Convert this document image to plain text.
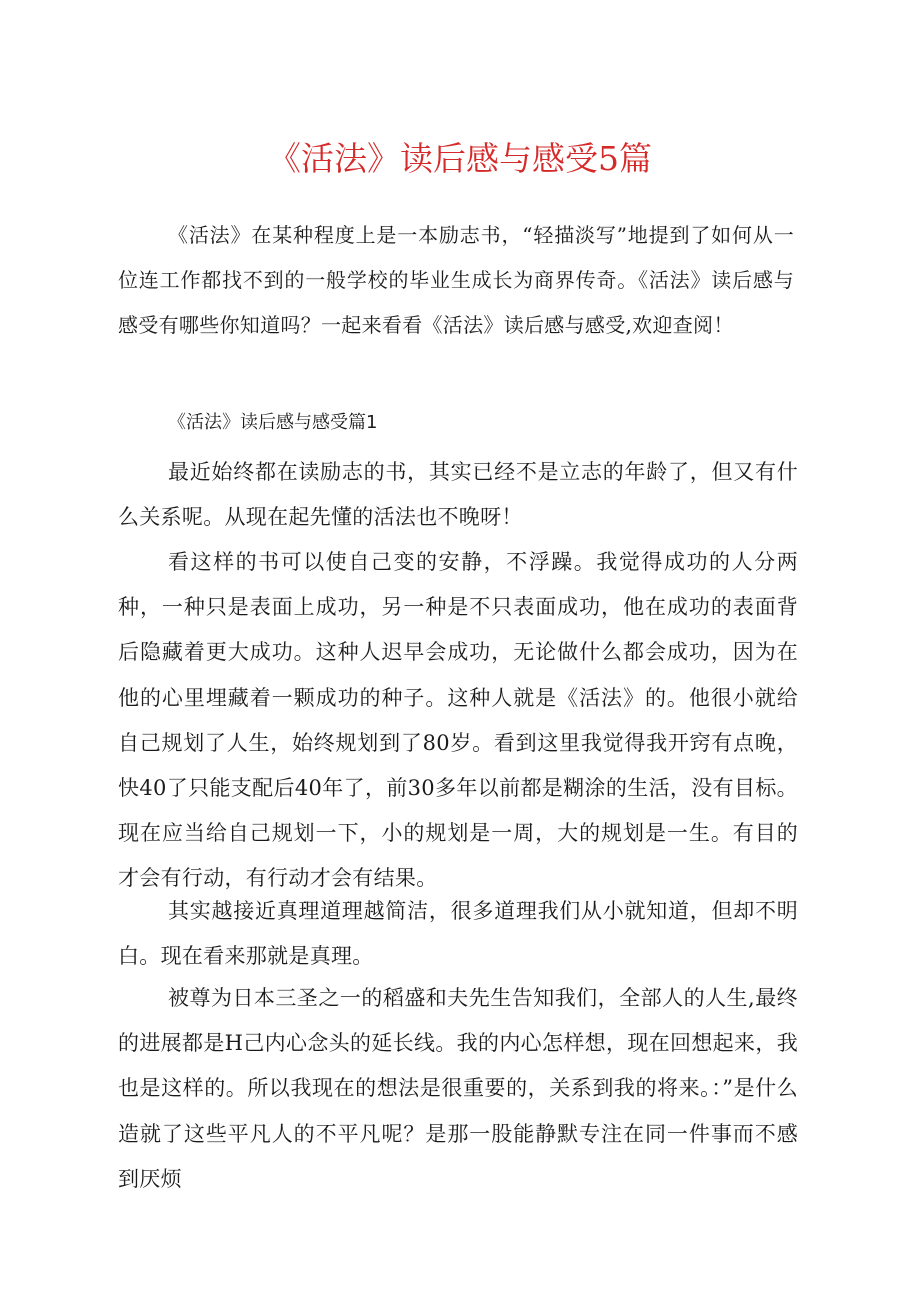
《活法》读后感与感受5篇

《活法》在某种程度上是一本励志书，“轻描淡写”地提到了如何从一位连工作都找不到的一般学校的毕业生成长为商界传奇。《活法》读后感与感受有哪些你知道吗？一起来看看《活法》读后感与感受,欢迎查阅！

《活法》读后感与感受篇1

最近始终都在读励志的书，其实已经不是立志的年龄了，但又有什么关系呢。从现在起先懂的活法也不晚呀！

看这样的书可以使自己变的安静，不浮躁。我觉得成功的人分两种，一种只是表面上成功，另一种是不只表面成功，他在成功的表面背后隐藏着更大成功。这种人迟早会成功，无论做什么都会成功，因为在他的心里埋藏着一颗成功的种子。这种人就是《活法》的。他很小就给自己规划了人生，始终规划到了80岁。看到这里我觉得我开窍有点晚，快40了只能支配后40年了，前30多年以前都是糊涂的生活，没有目标。现在应当给自己规划一下，小的规划是一周，大的规划是一生。有目的才会有行动，有行动才会有结果。

其实越接近真理道理越简洁，很多道理我们从小就知道，但却不明白。现在看来那就是真理。

被尊为日本三圣之一的稻盛和夫先生告知我们，全部人的人生,最终的进展都是H己内心念头的延长线。我的内心怎样想，现在回想起来，我也是这样的。所以我现在的想法是很重要的，关系到我的将来。：”是什么造就了这些平凡人的不平凡呢？是那一股能静默专注在同一件事而不感到厌烦
